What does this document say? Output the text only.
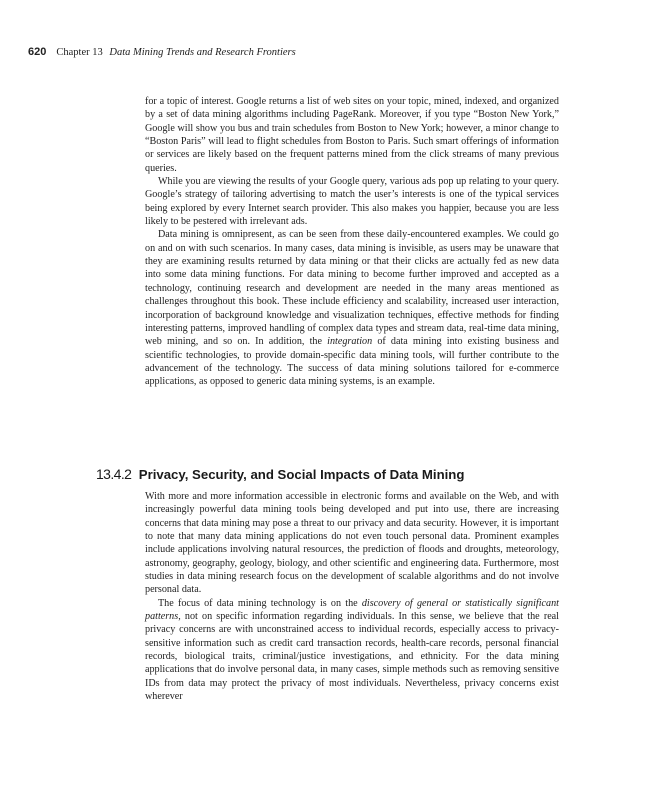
620 Chapter 13 Data Mining Trends and Research Frontiers

for a topic of interest. Google returns a list of web sites on your topic, mined, indexed, and organized by a set of data mining algorithms including PageRank. Moreover, if you type “Boston New York,” Google will show you bus and train schedules from Boston to New York; however, a minor change to “Boston Paris” will lead to flight schedules from Boston to Paris. Such smart offerings of information or services are likely based on the frequent patterns mined from the click streams of many previous queries.

While you are viewing the results of your Google query, various ads pop up relating to your query. Google’s strategy of tailoring advertising to match the user’s interests is one of the typical services being explored by every Internet search provider. This also makes you happier, because you are less likely to be pestered with irrelevant ads.

Data mining is omnipresent, as can be seen from these daily-encountered examples. We could go on and on with such scenarios. In many cases, data mining is invisible, as users may be unaware that they are examining results returned by data mining or that their clicks are actually fed as new data into some data mining functions. For data mining to become further improved and accepted as a technology, continuing research and development are needed in the many areas mentioned as challenges throughout this book. These include efficiency and scalability, increased user interaction, incorporation of background knowledge and visualization techniques, effective methods for finding interesting patterns, improved handling of complex data types and stream data, real-time data mining, web mining, and so on. In addition, the integration of data mining into existing business and scientific technologies, to provide domain-specific data mining tools, will further contribute to the advancement of the technology. The success of data mining solutions tailored for e-commerce applications, as opposed to generic data mining systems, is an example.

13.4.2 Privacy, Security, and Social Impacts of Data Mining

With more and more information accessible in electronic forms and available on the Web, and with increasingly powerful data mining tools being developed and put into use, there are increasing concerns that data mining may pose a threat to our privacy and data security. However, it is important to note that many data mining applications do not even touch personal data. Prominent examples include applications involving natural resources, the prediction of floods and droughts, meteorology, astronomy, geography, geology, biology, and other scientific and engineering data. Furthermore, most studies in data mining research focus on the development of scalable algorithms and do not involve personal data.

The focus of data mining technology is on the discovery of general or statistically significant patterns, not on specific information regarding individuals. In this sense, we believe that the real privacy concerns are with unconstrained access to individual records, especially access to privacy-sensitive information such as credit card transaction records, health-care records, personal financial records, biological traits, criminal/justice investigations, and ethnicity. For the data mining applications that do involve personal data, in many cases, simple methods such as removing sensitive IDs from data may protect the privacy of most individuals. Nevertheless, privacy concerns exist wherever
